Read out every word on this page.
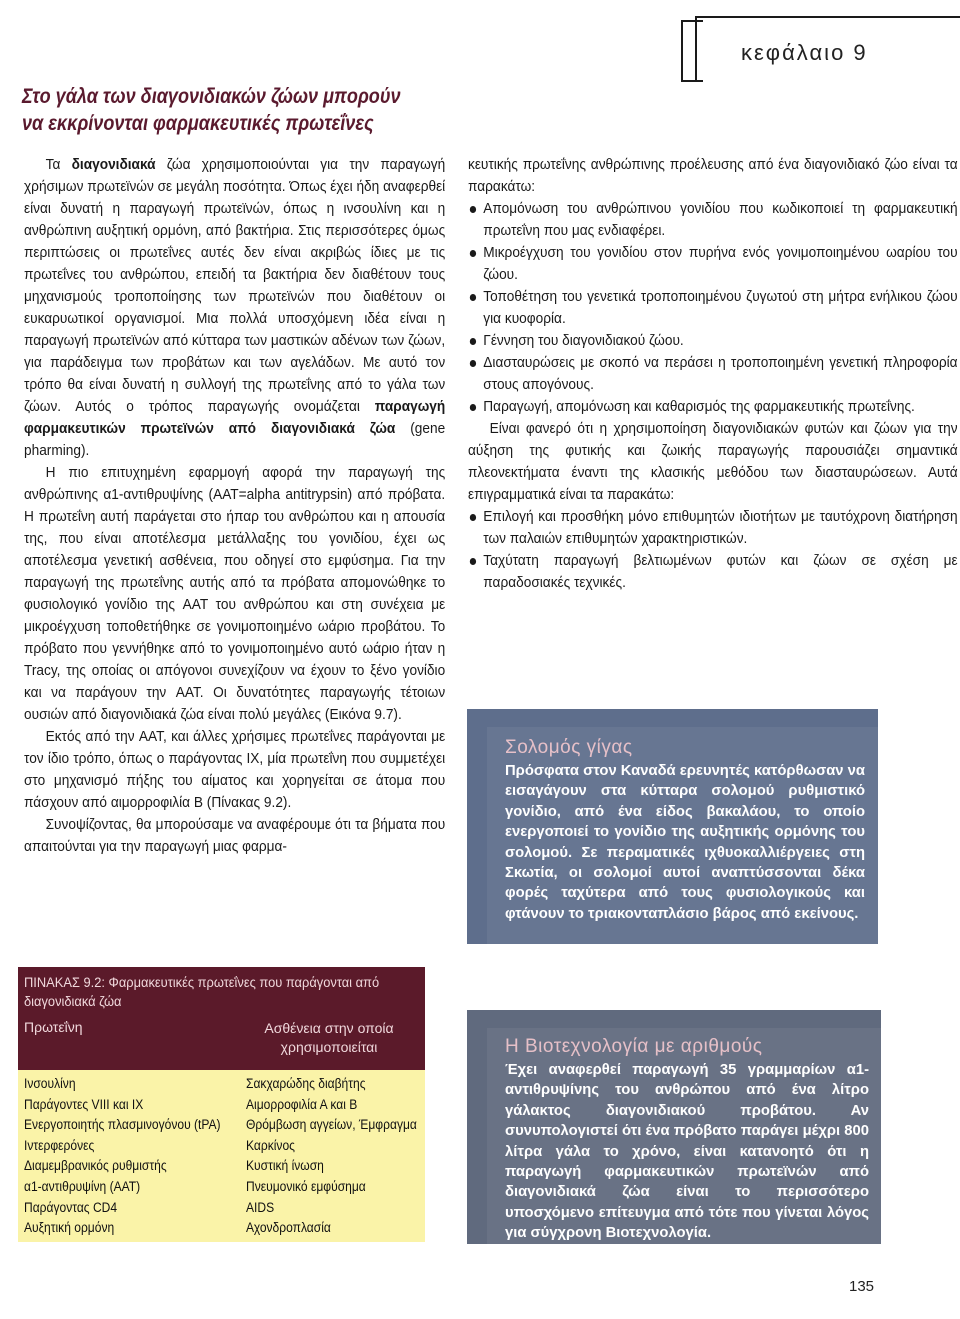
κεφάλαιο 9
Στο γάλα των διαγονιδιακών ζώων μπορούν
να εκκρίνονται φαρμακευτικές πρωτεΐνες

Τα διαγονιδιακά ζώα χρησιμοποιούνται για την παραγωγή χρήσιμων πρωτεϊνών σε μεγάλη ποσότητα. Όπως έχει ήδη αναφερθεί είναι δυνατή η παραγωγή πρωτεϊνών, όπως η ινσουλίνη και η ανθρώπινη αυξητική ορμόνη, από βακτήρια. Στις περισσότερες όμως περιπτώσεις οι πρωτεΐνες αυτές δεν είναι ακριβώς ίδιες με τις πρωτεΐνες του ανθρώπου, επειδή τα βακτήρια δεν διαθέτουν τους μηχανισμούς τροποποίησης των πρωτεϊνών που διαθέτουν οι ευκαρυωτικοί οργανισμοί. Μια πολλά υποσχόμενη ιδέα είναι η παραγωγή πρωτεϊνών από κύτταρα των μαστικών αδένων των ζώων, για παράδειγμα των προβάτων και των αγελάδων. Με αυτό τον τρόπο θα είναι δυνατή η συλλογή της πρωτεΐνης από το γάλα των ζώων. Αυτός ο τρόπος παραγωγής ονομάζεται παραγωγή φαρμακευτικών πρωτεϊνών από διαγονιδιακά ζώα (gene pharming).

Η πιο επιτυχημένη εφαρμογή αφορά την παραγωγή της ανθρώπινης α1-αντιθρυψίνης (AAT=alpha antitrypsin) από πρόβατα. Η πρωτεΐνη αυτή παράγεται στο ήπαρ του ανθρώπου και η απουσία της, που είναι αποτέλεσμα μετάλλαξης του γονιδίου, έχει ως αποτέλεσμα γενετική ασθένεια, που οδηγεί στο εμφύσημα. Για την παραγωγή της πρωτεΐνης αυτής από τα πρόβατα απομονώθηκε το φυσιολογικό γονίδιο της AAT του ανθρώπου και στη συνέχεια με μικροέγχυση τοποθετήθηκε σε γονιμοποιημένο ωάριο προβάτου. Το πρόβατο που γεννήθηκε από το γονιμοποιημένο αυτό ωάριο ήταν η Tracy, της οποίας οι απόγονοι συνεχίζουν να έχουν το ξένο γονίδιο και να παράγουν την AAT. Οι δυνατότητες παραγωγής τέτοιων ουσιών από διαγονιδιακά ζώα είναι πολύ μεγάλες (Εικόνα 9.7).

Εκτός από την AAT, και άλλες χρήσιμες πρωτεΐνες παράγονται με τον ίδιο τρόπο, όπως ο παράγοντας IX, μία πρωτεΐνη που συμμετέχει στο μηχανισμό πήξης του αίματος και χορηγείται σε άτομα που πάσχουν από αιμορροφιλία Β (Πίνακας 9.2).

Συνοψίζοντας, θα μπορούσαμε να αναφέρουμε ότι τα βήματα που απαιτούνται για την παραγωγή μιας φαρμα-

κευτικής πρωτεΐνης ανθρώπινης προέλευσης από ένα διαγονιδιακό ζώο είναι τα παρακάτω:

Απομόνωση του ανθρώπινου γονιδίου που κωδικοποιεί τη φαρμακευτική πρωτεΐνη που μας ενδιαφέρει.
Μικροέγχυση του γονιδίου στον πυρήνα ενός γονιμοποιημένου ωαρίου του ζώου.
Τοποθέτηση του γενετικά τροποποιημένου ζυγωτού στη μήτρα ενήλικου ζώου για κυοφορία.
Γέννηση του διαγονιδιακού ζώου.
Διασταυρώσεις με σκοπό να περάσει η τροποποιημένη γενετική πληροφορία στους απογόνους.
Παραγωγή, απομόνωση και καθαρισμός της φαρμακευτικής πρωτεΐνης.

Είναι φανερό ότι η χρησιμοποίηση διαγονιδιακών φυτών και ζώων για την αύξηση της φυτικής και ζωικής παραγωγής παρουσιάζει σημαντικά πλεονεκτήματα έναντι της κλασικής μεθόδου των διασταυρώσεων. Αυτά επιγραμματικά είναι τα παρακάτω:

Επιλογή και προσθήκη μόνο επιθυμητών ιδιοτήτων με ταυτόχρονη διατήρηση των παλαιών επιθυμητών χαρακτηριστικών.
Ταχύτατη παραγωγή βελτιωμένων φυτών και ζώων σε σχέση με παραδοσιακές τεχνικές.
Σολομός γίγας
Πρόσφατα στον Καναδά ερευνητές κατόρθωσαν να εισαγάγουν στα κύτταρα σολομού ρυθμιστικό γονίδιο, από ένα είδος βακαλάου, το οποίο ενεργοποιεί το γονίδιο της αυξητικής ορμόνης του σολομού. Σε περαματικές ιχθυοκαλλιέργειες στη Σκωτία, οι σολομοί αυτοί αναπτύσσονται δέκα φορές ταχύτερα από τους φυσιολογικούς και φτάνουν το τριακονταπλάσιο βάρος από εκείνους.
ΠΙΝΑΚΑΣ 9.2: Φαρμακευτικές πρωτεΐνες που παράγονται από διαγονιδιακά ζώα
Πρωτεΐνη	Ασθένεια στην οποία χρησιμοποιείται
Ινσουλίνη	Σακχαρώδης διαβήτης
Παράγοντες VIII και IX	Αιμορροφιλία Α και Β
Ενεργοποιητής πλασμινογόνου (tPA) Θρόμβωση αγγείων, Έμφραγμα
Ιντερφερόνες	Καρκίνος
Διαμεμβρανικός ρυθμιστής	Κυστική ίνωση
α1-αντιθρυψίνη (AAT)	Πνευμονικό εμφύσημα
Παράγοντας CD4	AIDS
Αυξητική ορμόνη	Αχονδροπλασία
Η Βιοτεχνολογία με αριθμούς
Έχει αναφερθεί παραγωγή 35 γραμμαρίων α1-αντιθρυψίνης του ανθρώπου από ένα λίτρο γάλακτος διαγονιδιακού προβάτου. Αν συνυπολογιστεί ότι ένα πρόβατο παράγει μέχρι 800 λίτρα γάλα το χρόνο, είναι κατανοητό ότι η παραγωγή φαρμακευτικών πρωτεϊνών από διαγονιδιακά ζώα είναι το περισσότερο υποσχόμενο επίτευγμα από τότε που γίνεται λόγος για σύγχρονη Βιοτεχνολογία.
135
